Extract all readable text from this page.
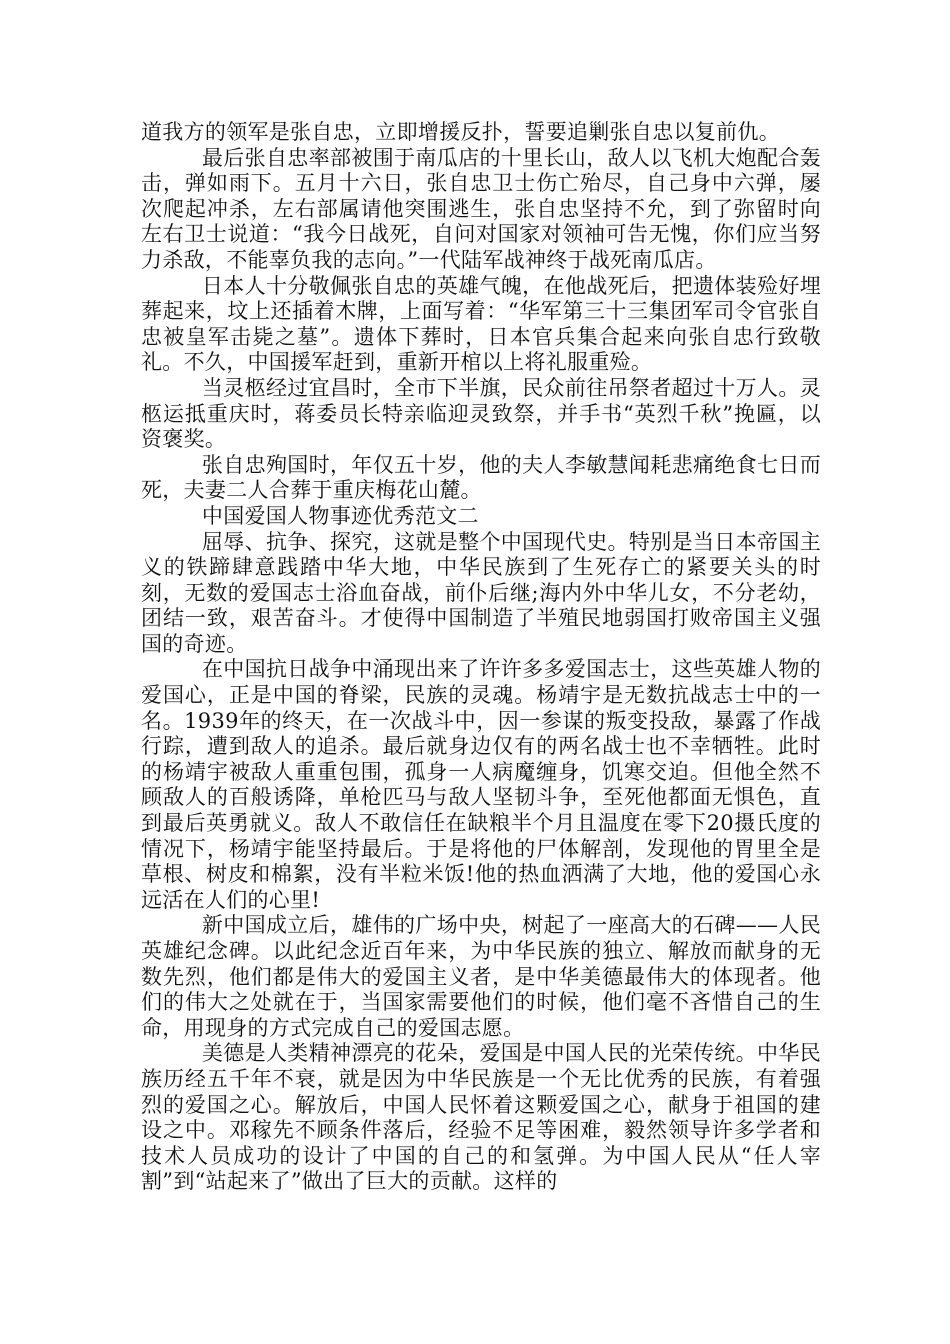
道我方的领军是张自忠，立即增援反扑，誓要追剿张自忠以复前仇。

最后张自忠率部被围于南瓜店的十里长山，敌人以飞机大炮配合轰击，弹如雨下。五月十六日，张自忠卫士伤亡殆尽，自己身中六弹，屡次爬起冲杀，左右部属请他突围逃生，张自忠坚持不允，到了弥留时向左右卫士说道：“我今日战死，自问对国家对领袖可告无愧，你们应当努力杀敌，不能辜负我的志向。”一代陆军战神终于战死南瓜店。

日本人十分敬佩张自忠的英雄气魄，在他战死后，把遗体装殓好埋葬起来，坟上还插着木牌，上面写着：“华军第三十三集团军司令官张自忠被皇军击毙之墓”。遗体下葬时，日本官兵集合起来向张自忠行致敬礼。不久，中国援军赶到，重新开棺以上将礼服重殓。

当灵柩经过宜昌时，全市下半旗，民众前往吊祭者超过十万人。灵柩运抵重庆时，蒋委员长特亲临迎灵致祭，并手书“英烈千秋”挽匾，以资褒奖。

张自忠殉国时，年仅五十岁，他的夫人李敏慧闻耗悲痛绝食七日而死，夫妻二人合葬于重庆梅花山麓。

中国爱国人物事迹优秀范文二

屈辱、抗争、探究，这就是整个中国现代史。特别是当日本帝国主义的铁蹄肆意践踏中华大地，中华民族到了生死存亡的紧要关头的时刻，无数的爱国志士浴血奋战，前仆后继;海内外中华儿女，不分老幼，团结一致，艰苦奋斗。才使得中国制造了半殖民地弱国打败帝国主义强国的奇迹。

在中国抗日战争中涌现出来了许许多多爱国志士，这些英雄人物的爱国心，正是中国的脊梁，民族的灵魂。杨靖宇是无数抗战志士中的一名。1939年的终天，在一次战斗中，因一参谋的叛变投敌，暴露了作战行踪，遭到敌人的追杀。最后就身边仅有的两名战士也不幸牺牲。此时的杨靖宇被敌人重重包围，孤身一人病魔缠身，饥寒交迫。但他全然不顾敌人的百般诱降，单枪匹马与敌人坚韧斗争，至死他都面无惧色，直到最后英勇就义。敌人不敢信任在缺粮半个月且温度在零下20摄氏度的情况下，杨靖宇能坚持最后。于是将他的尸体解剖，发现他的胃里全是草根、树皮和棉絮，没有半粒米饭!他的热血洒满了大地，他的爱国心永远活在人们的心里!

新中国成立后，雄伟的广场中央，树起了一座高大的石碑——人民英雄纪念碑。以此纪念近百年来，为中华民族的独立、解放而献身的无数先烈，他们都是伟大的爱国主义者，是中华美德最伟大的体现者。他们的伟大之处就在于，当国家需要他们的时候，他们毫不吝惜自己的生命，用现身的方式完成自己的爱国志愿。

美德是人类精神漂亮的花朵，爱国是中国人民的光荣传统。中华民族历经五千年不衰，就是因为中华民族是一个无比优秀的民族，有着强烈的爱国之心。解放后，中国人民怀着这颗爱国之心，献身于祖国的建设之中。邓稼先不顾条件落后，经验不足等困难，毅然领导许多学者和技术人员成功的设计了中国的自己的和氢弹。为中国人民从“任人宰割”到“站起来了”做出了巨大的贡献。这样的
